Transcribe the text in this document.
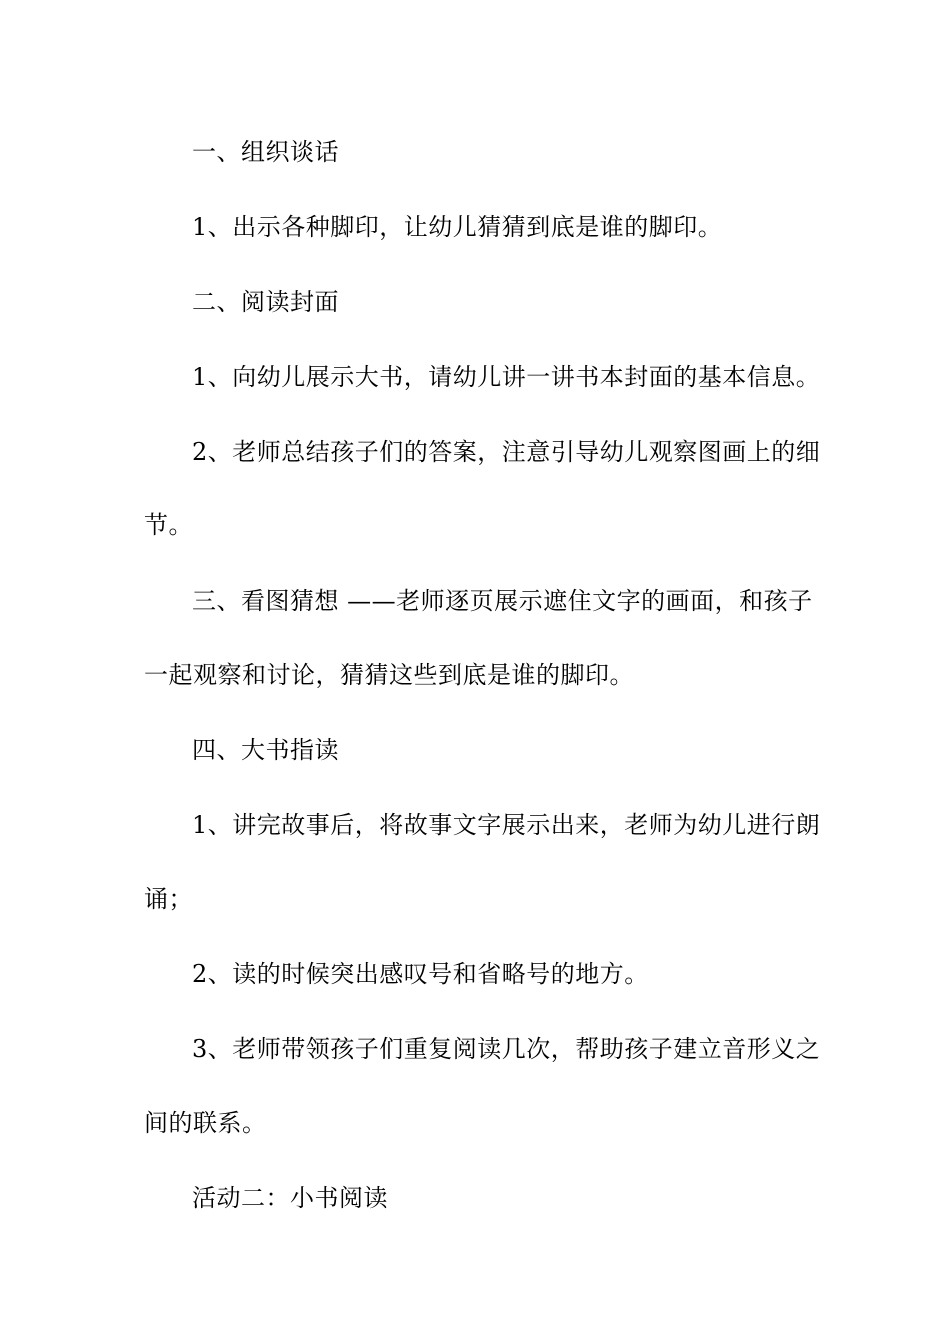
一、组织谈话
1、出示各种脚印，让幼儿猜猜到底是谁的脚印。
二、阅读封面
1、向幼儿展示大书，请幼儿讲一讲书本封面的基本信息。
2、老师总结孩子们的答案，注意引导幼儿观察图画上的细
节。
三、看图猜想 ——老师逐页展示遮住文字的画面，和孩子
一起观察和讨论，猜猜这些到底是谁的脚印。
四、大书指读
1、讲完故事后，将故事文字展示出来，老师为幼儿进行朗
诵；
2、读的时候突出感叹号和省略号的地方。
3、老师带领孩子们重复阅读几次，帮助孩子建立音形义之
间的联系。
活动二：小书阅读
